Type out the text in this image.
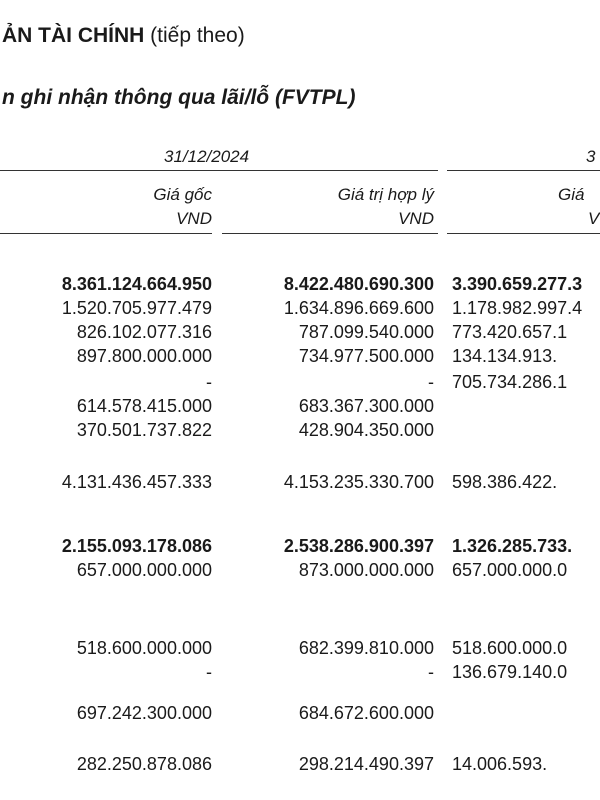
ẢN TÀI CHÍNH (tiếp theo)
n ghi nhận thông qua lãi/lỗ (FVTPL)
31/12/2024	3
Giá gốc
VND
Giá trị hợp lý
VND
Giá
V
8.361.124.664.950	8.422.480.690.300 3.390.659.277.3
1.520.705.977.479	1.634.896.669.600 1.178.982.997.4
826.102.077.316	787.099.540.000 773.420.657.1
897.800.000.000	734.977.500.000 134.134.913.
-	- 705.734.286.1
614.578.415.000	683.367.300.000
370.501.737.822	428.904.350.000
4.131.436.457.333	4.153.235.330.700 598.386.422.
2.155.093.178.086	2.538.286.900.397 1.326.285.733.
657.000.000.000	873.000.000.000 657.000.000.0
518.600.000.000	682.399.810.000 518.600.000.0
-	- 136.679.140.0
697.242.300.000	684.672.600.000
282.250.878.086	298.214.490.397 14.006.593.
